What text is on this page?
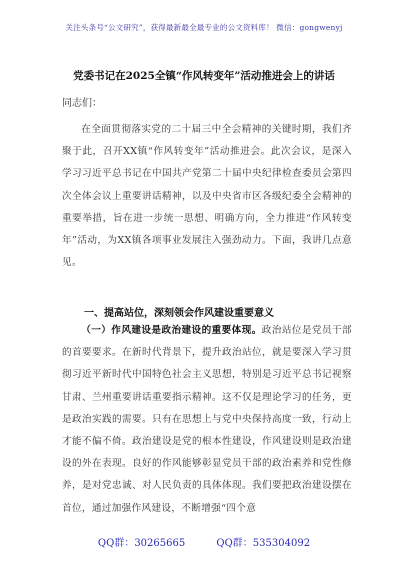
关注头条号“公文研究”，获得最新最全最专业的公文资料库！ 微信：gongwenyj
党委书记在2025全镇“作风转变年”活动推进会上的讲话
同志们：
在全面贯彻落实党的二十届三中全会精神的关键时期，我们齐聚于此，召开XX镇“作风转变年”活动推进会。此次会议，是深入学习习近平总书记在中国共产党第二十届中央纪律检查委员会第四次全体会议上重要讲话精神，以及中央省市区各级纪委全会精神的重要举措，旨在进一步统一思想、明确方向，全力推进“作风转变年”活动，为XX镇各项事业发展注入强劲动力。下面，我讲几点意见。
一、提高站位，深刻领会作风建设重要意义
（一）作风建设是政治建设的重要体现。政治站位是党员干部的首要要求。在新时代背景下，提升政治站位，就是要深入学习贯彻习近平新时代中国特色社会主义思想，特别是习近平总书记视察甘肃、兰州重要讲话重要指示精神。这不仅是理论学习的任务，更是政治实践的需要。只有在思想上与党中央保持高度一致，行动上才能不偏不倚。政治建设是党的根本性建设，作风建设则是政治建设的外在表现。良好的作风能够彰显党员干部的政治素养和党性修养，是对党忠诚、对人民负责的具体体现。我们要把政治建设摆在首位，通过加强作风建设，不断增强“四个意
QQ群：30265665	QQ群：535304092
